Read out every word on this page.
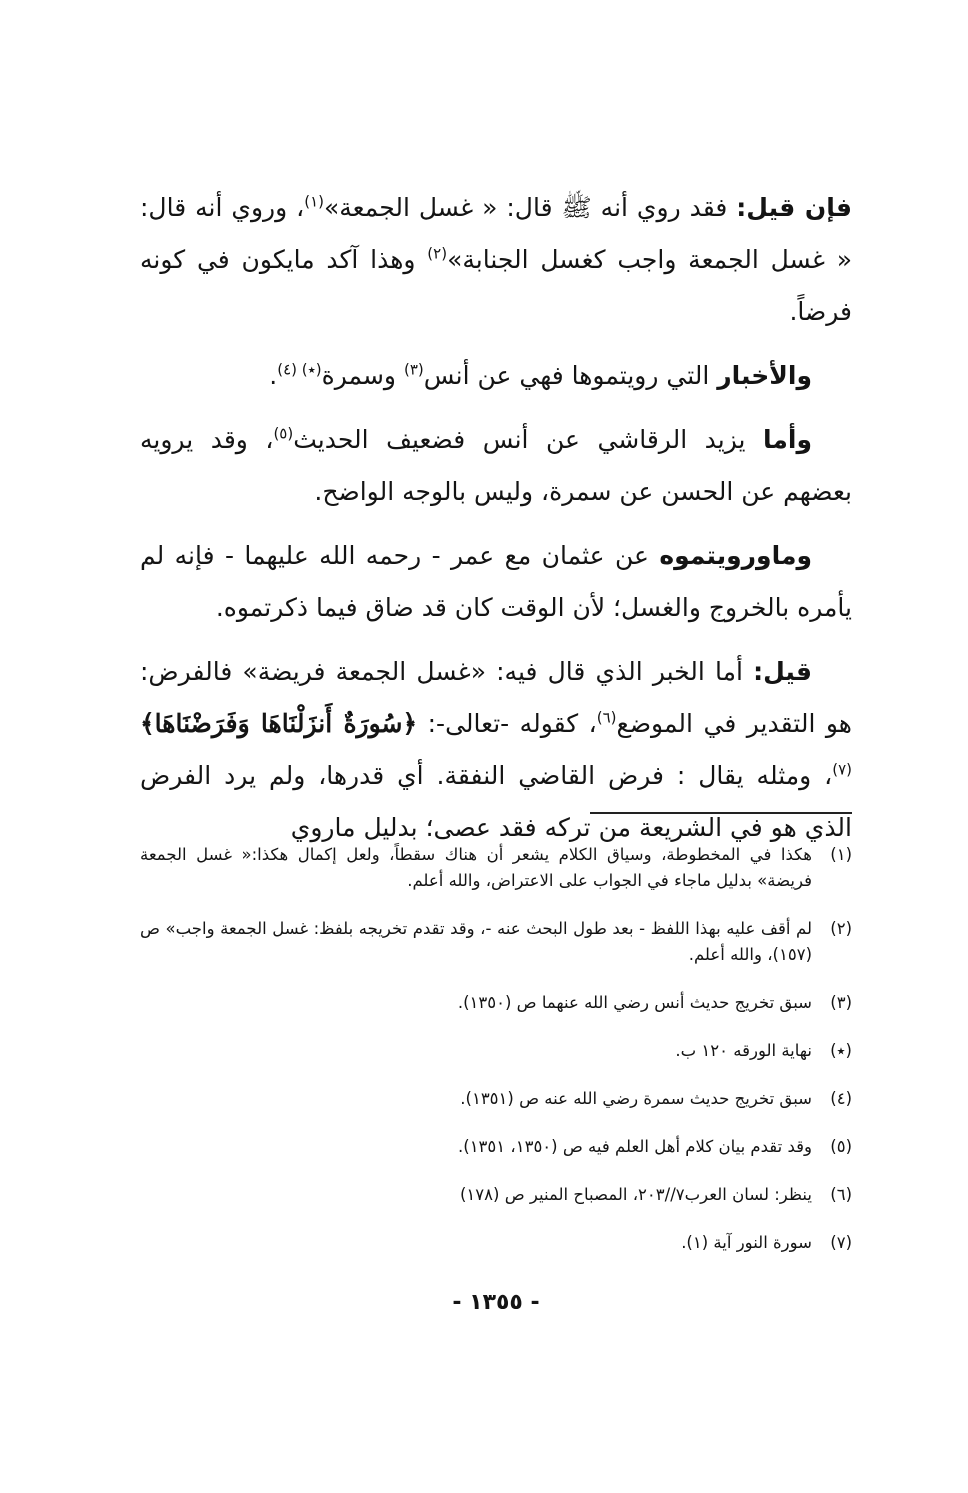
فإن قيل: فقد روي أنه ﷺ قال: « غسل الجمعة»$^{(١)}$، وروي أنه قال: « غسل الجمعة واجب كغسل الجنابة»$^{(٢)}$ وهذا آكد مايكون في كونه فرضاً.

والأخبار التي رويتموها فهي عن أنس$^{(٣)}$ وسمرة$^{(٭) (٤)}$.

وأما يزيد الرقاشي عن أنس فضعيف الحديث$^{(٥)}$، وقد يرويه بعضهم عن الحسن عن سمرة، وليس بالوجه الواضح.

وماورويتموه عن عثمان مع عمر - رحمه الله عليهما - فإنه لم يأمره بالخروج والغسل؛ لأن الوقت كان قد ضاق فيما ذكرتموه.

قيل: أما الخبر الذي قال فيه: «غسل الجمعة فريضة» فالفرض: هو التقدير في الموضع$^{(٦)}$، كقوله -تعالى-: ﴿سُورَةٌ أَنزَلْنَاهَا وَفَرَضْنَاهَا﴾$^{(٧)}$، ومثله يقال : فرض القاضي النفقة. أي قدرها، ولم يرد الفرض الذي هو في الشريعة من تركه فقد عصى؛ بدليل ماروي

(١)
هكذا في المخطوطة، وسياق الكلام يشعر أن هناك سقطاً، ولعل إكمال هكذا:« غسل الجمعة فريضة» بدليل ماجاء في الجواب على الاعتراض، والله أعلم.
(٢)
لم أقف عليه بهذا اللفظ - بعد طول البحث عنه -، وقد تقدم تخريجه بلفظ: غسل الجمعة واجب» ص (١٥٧)، والله أعلم.
(٣)
سبق تخريج حديث أنس رضي الله عنهما ص (١٣٥٠).
(٭)
نهاية الورقه ١٢٠ ب.
(٤)
سبق تخريج حديث سمرة رضي الله عنه ص (١٣٥١).
(٥)
وقد تقدم بيان كلام أهل العلم فيه ص (١٣٥٠، ١٣٥١).
(٦)
ينظر: لسان العرب٧//٢٠٣، المصباح المنير ص (١٧٨)
(٧)
سورة النور آية (١).
- ١٣٥٥ -
